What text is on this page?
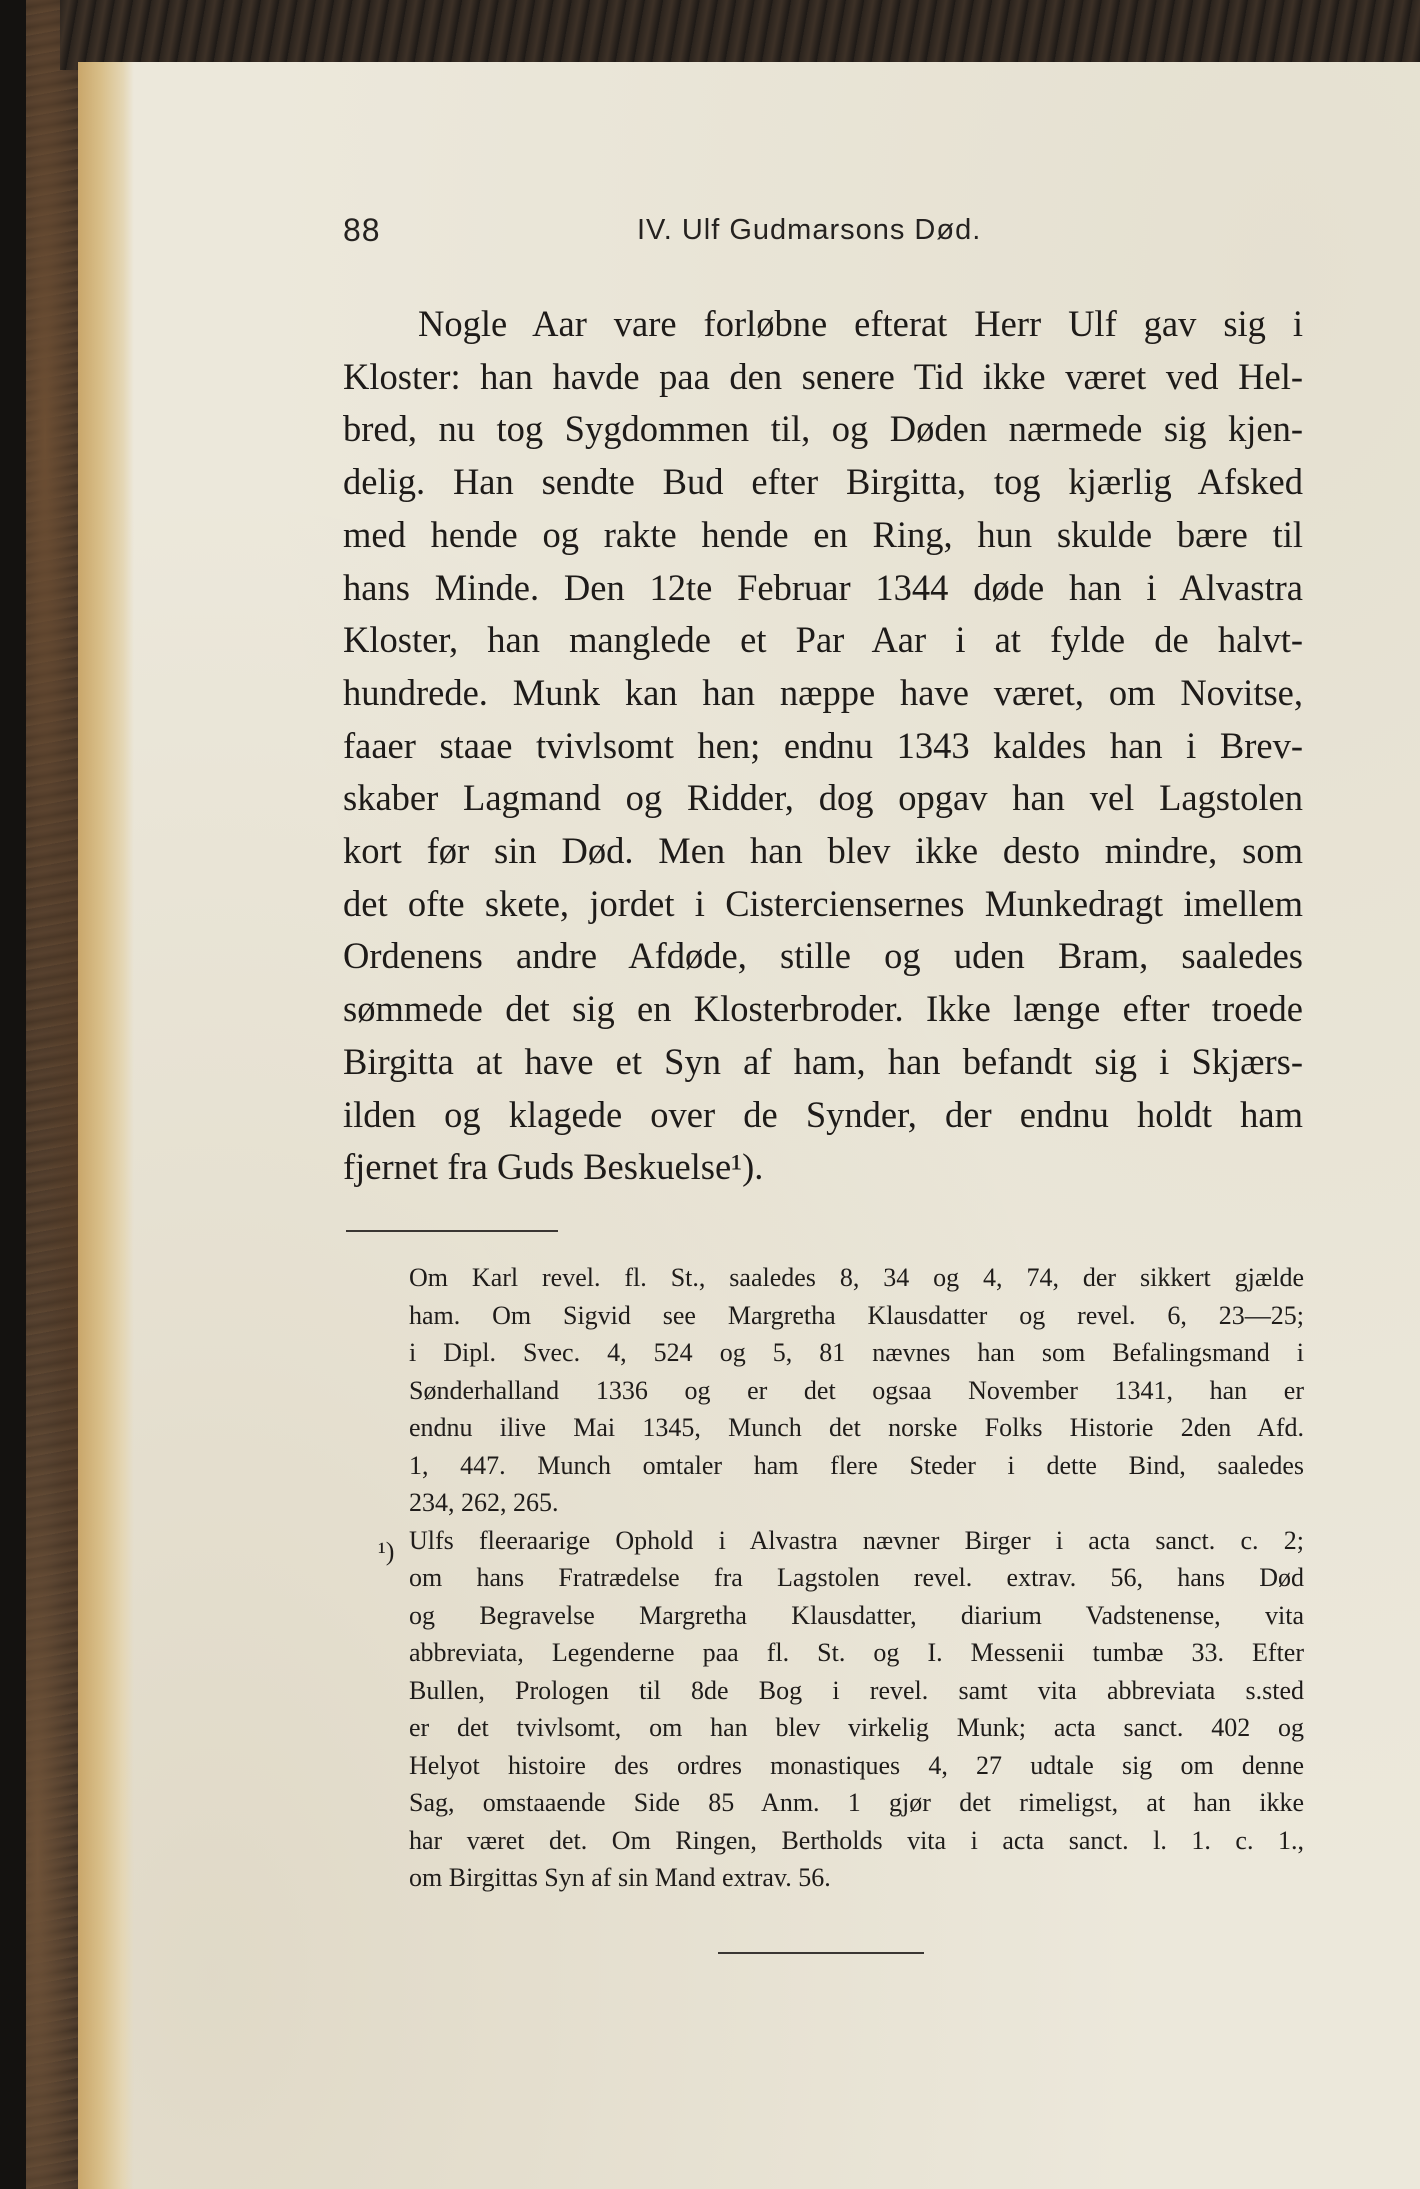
88	IV. Ulf Gudmarsons Død.
Nogle Aar vare forløbne efterat Herr Ulf gav sig i
Kloster: han havde paa den senere Tid ikke været ved Hel-
bred, nu tog Sygdommen til, og Døden nærmede sig kjen-
delig. Han sendte Bud efter Birgitta, tog kjærlig Afsked
med hende og rakte hende en Ring, hun skulde bære til
hans Minde. Den 12te Februar 1344 døde han i Alvastra
Kloster, han manglede et Par Aar i at fylde de halvt-
hundrede. Munk kan han næppe have været, om Novitse,
faaer staae tvivlsomt hen; endnu 1343 kaldes han i Brev-
skaber Lagmand og Ridder, dog opgav han vel Lagstolen
kort før sin Død. Men han blev ikke desto mindre, som
det ofte skete, jordet i Cisterciensernes Munkedragt imellem
Ordenens andre Afdøde, stille og uden Bram, saaledes
sømmede det sig en Klosterbroder. Ikke længe efter troede
Birgitta at have et Syn af ham, han befandt sig i Skjærs-
ilden og klagede over de Synder, der endnu holdt ham
fjernet fra Guds Beskuelse¹).
¹)
Om Karl revel. fl. St., saaledes 8, 34 og 4, 74, der sikkert gjælde
ham. Om Sigvid see Margretha Klausdatter og revel. 6, 23—25;
i Dipl. Svec. 4, 524 og 5, 81 nævnes han som Befalingsmand i
Sønderhalland 1336 og er det ogsaa November 1341, han er
endnu ilive Mai 1345, Munch det norske Folks Historie 2den Afd.
1, 447. Munch omtaler ham flere Steder i dette Bind, saaledes
234, 262, 265.
Ulfs fleeraarige Ophold i Alvastra nævner Birger i acta sanct. c. 2;
om hans Fratrædelse fra Lagstolen revel. extrav. 56, hans Død
og Begravelse Margretha Klausdatter, diarium Vadstenense, vita
abbreviata, Legenderne paa fl. St. og I. Messenii tumbæ 33. Efter
Bullen, Prologen til 8de Bog i revel. samt vita abbreviata s.sted
er det tvivlsomt, om han blev virkelig Munk; acta sanct. 402 og
Helyot histoire des ordres monastiques 4, 27 udtale sig om denne
Sag, omstaaende Side 85 Anm. 1 gjør det rimeligst, at han ikke
har været det. Om Ringen, Bertholds vita i acta sanct. l. 1. c. 1.,
om Birgittas Syn af sin Mand extrav. 56.
